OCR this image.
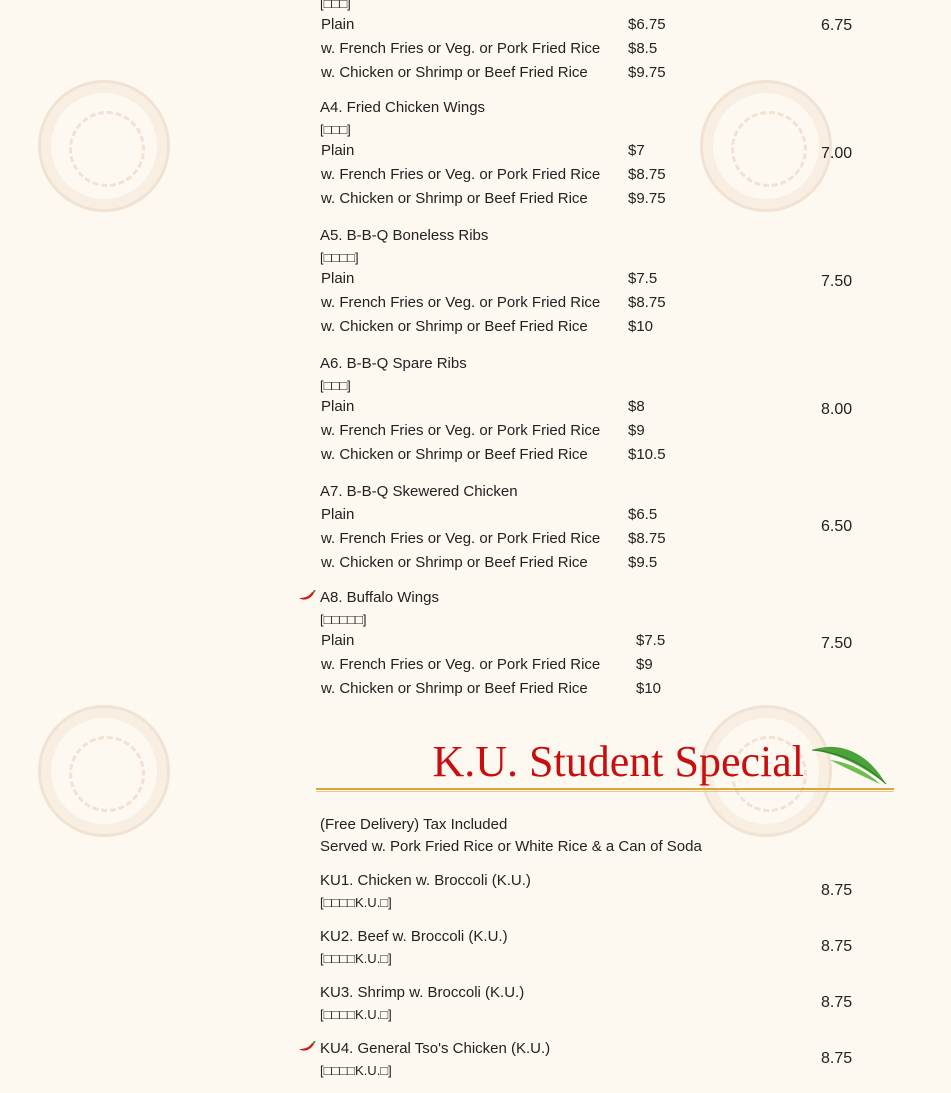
[□□□]
Plain	$6.75
w. French Fries or Veg. or Pork Fried Rice $8.5
w. Chicken or Shrimp or Beef Fried Rice	$9.75
6.75
A4. Fried Chicken Wings
[□□□]
Plain	$7
w. French Fries or Veg. or Pork Fried Rice $8.75
w. Chicken or Shrimp or Beef Fried Rice	$9.75
7.00
A5. B-B-Q Boneless Ribs
[□□□□]
Plain	$7.5
w. French Fries or Veg. or Pork Fried Rice $8.75
w. Chicken or Shrimp or Beef Fried Rice	$10
7.50
A6. B-B-Q Spare Ribs
[□□□]
Plain	$8
w. French Fries or Veg. or Pork Fried Rice $9
w. Chicken or Shrimp or Beef Fried Rice	$10.5
8.00
A7. B-B-Q Skewered Chicken
Plain	$6.5
w. French Fries or Veg. or Pork Fried Rice $8.75
w. Chicken or Shrimp or Beef Fried Rice	$9.5
6.50
A8. Buffalo Wings
[□□□□□]
Plain	$7.5
w. French Fries or Veg. or Pork Fried Rice $9
w. Chicken or Shrimp or Beef Fried Rice	$10
7.50
K.U. Student Special
(Free Delivery) Tax Included
Served w. Pork Fried Rice or White Rice & a Can of Soda
KU1. Chicken w. Broccoli (K.U.)
[□□□□K.U.□]
8.75
KU2. Beef w. Broccoli (K.U.)
[□□□□K.U.□]
8.75
KU3. Shrimp w. Broccoli (K.U.)
[□□□□K.U.□]
8.75
KU4. General Tso's Chicken (K.U.)
[□□□□K.U.□]
8.75
